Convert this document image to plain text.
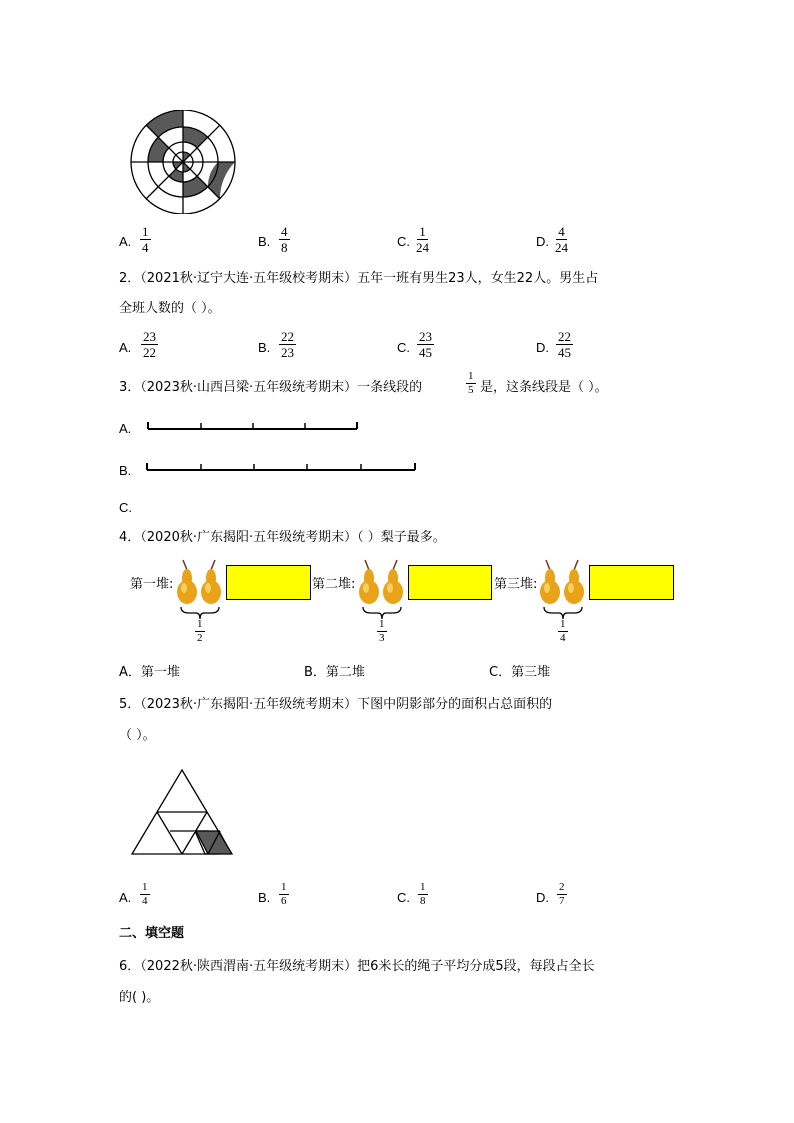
A. $\frac{1}{4}$	B. $\frac{4}{8}$	C. $\frac{1}{24}$	D. $\frac{4}{24}$
2．（2021秋·辽宁大连·五年级校考期末）五年一班有男生23人，女生22人。男生占
全班人数的（ ）。
A. $\frac{23}{22}$	B. $\frac{22}{23}$	C. $\frac{23}{45}$	D. $\frac{22}{45}$
3．（2023秋·山西吕梁·五年级统考期末）一条线段的	$\frac{1}{5}$ 是，这条线段是（ ）。
A.
B.
C.
4．（2020秋·广东揭阳·五年级统考期末）（ ）梨子最多。
第一堆:
$\frac{1}{2}$
第二堆:
$\frac{1}{3}$
第三堆:
$\frac{1}{4}$
A．第一堆	B．第二堆	C．第三堆
5．（2023秋·广东揭阳·五年级统考期末）下图中阴影部分的面积占总面积的
（ ）。
A. $\frac{1}{4}$	B. $\frac{1}{6}$	C. $\frac{1}{8}$	D. $\frac{2}{7}$
二、填空题
6．（2022秋·陕西渭南·五年级统考期末）把6米长的绳子平均分成5段，每段占全长
的( )。
